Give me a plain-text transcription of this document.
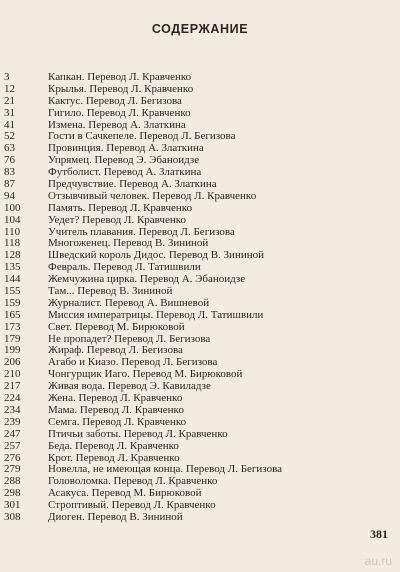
СОДЕРЖАНИЕ
3	Капкан. Перевод Л. Кравченко
12	Крылья. Перевод Л. Кравченко
21	Кактус. Перевод Л. Бегизова
31	Гигило. Перевод Л. Кравченко
41	Измена. Перевод А. Златкина
52	Гости в Сачкепеле. Перевод Л. Бегизова
63	Провинция. Перевод А. Златкина
76	Упрямец. Перевод Э. Эбаноидзе
83	Футболист. Перевод А. Златкина
87	Предчувствие. Перевод А. Златкина
94	Отзывчивый человек. Перевод Л. Кравченко
100	Память. Перевод Л. Кравченко
104	Уедет? Перевод Л. Кравченко
110	Учитель плавания. Перевод Л. Бегизова
118	Многоженец. Перевод В. Зининой
128	Шведский король Дидос. Перевод В. Зининой
135	Февраль. Перевод Л. Татишвили
144	Жемчужина цирка. Перевод А. Эбаноидзе
155	Там... Перевод В. Зининой
159	Журналист. Перевод А. Вишневой
165	Миссия императрицы. Перевод Л. Татишвили
173	Свет. Перевод М. Бирюковой
179	Не пропадет? Перевод Л. Бегизова
199	Жираф. Перевод Л. Бегизова
206	Агабо и Киазо. Перевод Л. Бегизова
210	Чонгурщик Иаго. Перевод М. Бирюковой
217	Живая вода. Перевод Э. Кавиладзе
224	Жена. Перевод Л. Кравченко
234	Мама. Перевод Л. Кравченко
239	Семга. Перевод Л. Кравченко
247	Птичьи заботы. Перевод Л. Кравченко
257	Беда. Перевод Л. Кравченко
276	Крот. Перевод Л. Кравченко
279	Новелла, не имеющая конца. Перевод Л. Бегизова
288	Головоломка. Перевод Л. Кравченко
298	Асакуса. Перевод М. Бирюковой
301	Строптивый. Перевод Л. Кравченко
308	Диоген. Перевод В. Зининой
381
au.ru
